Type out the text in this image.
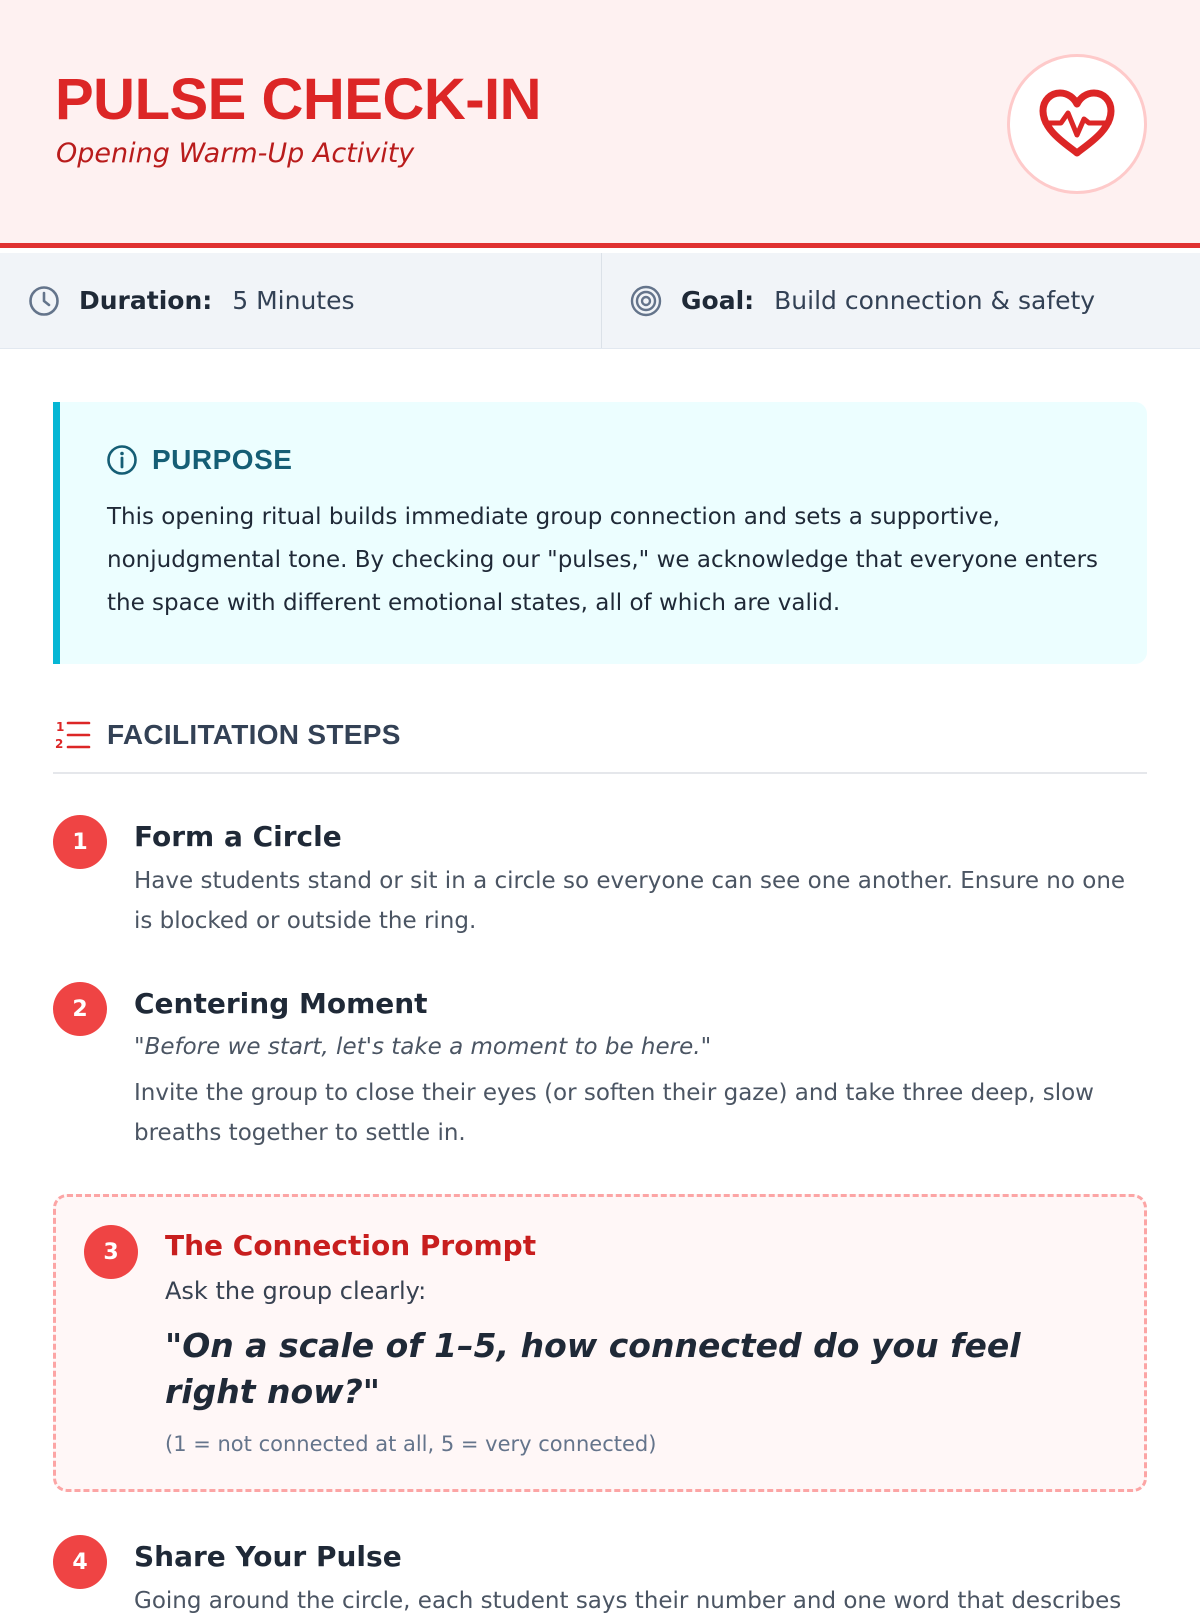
PULSE CHECK-IN
Opening Warm-Up Activity
Duration: 5 Minutes	Goal: Build connection & safety
PURPOSE
This opening ritual builds immediate group connection and sets a supportive, nonjudgmental tone. By checking our "pulses," we acknowledge that everyone enters the space with different emotional states, all of which are valid.
1
2 FACILITATION STEPS
1	Form a Circle
Have students stand or sit in a circle so everyone can see one another. Ensure no one is blocked or outside the ring.
2	Centering Moment
"Before we start, let's take a moment to be here."
Invite the group to close their eyes (or soften their gaze) and take three deep, slow breaths together to settle in.
3	The Connection Prompt
Ask the group clearly:
"On a scale of 1–5, how connected do you feel right now?"
(1 = not connected at all, 5 = very connected)
4	Share Your Pulse
Going around the circle, each student says their number and one word that describes
